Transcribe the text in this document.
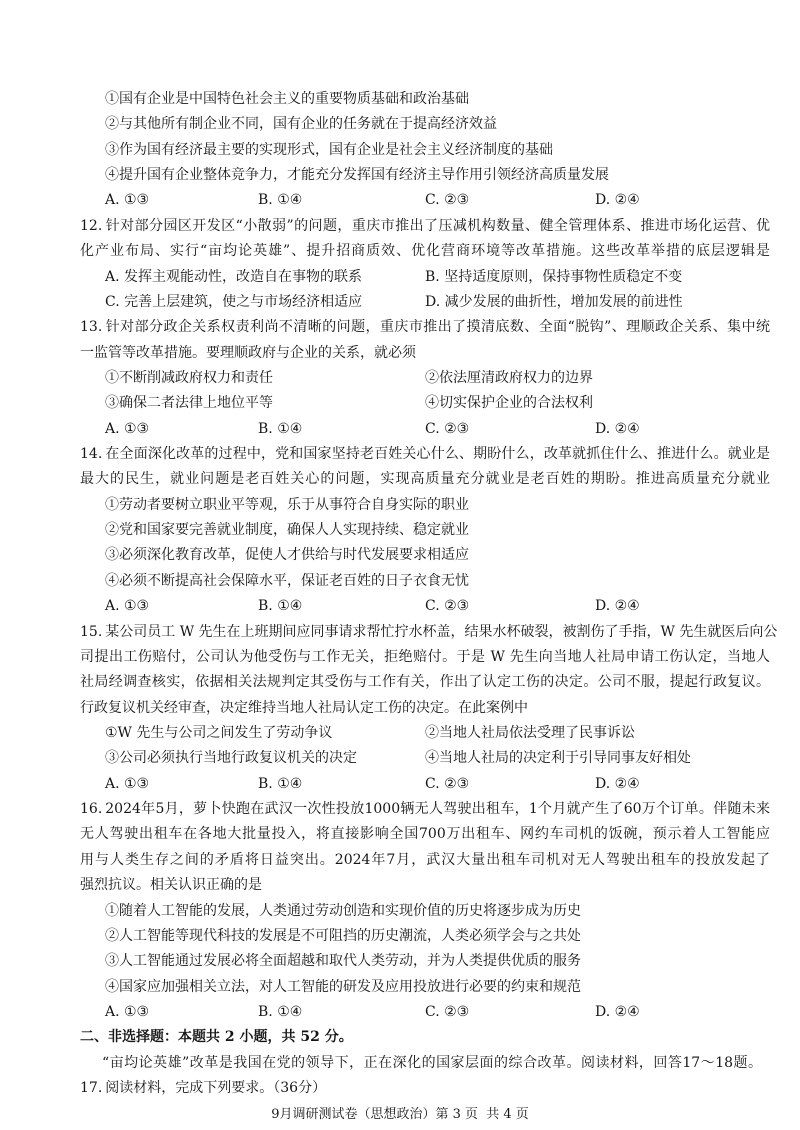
①国有企业是中国特色社会主义的重要物质基础和政治基础
②与其他所有制企业不同，国有企业的任务就在于提高经济效益
③作为国有经济最主要的实现形式，国有企业是社会主义经济制度的基础
④提升国有企业整体竞争力，才能充分发挥国有经济主导作用引领经济高质量发展
A. ①③	B. ①④	C. ②③	D. ②④
12. 针对部分园区开发区“小散弱”的问题，重庆市推出了压减机构数量、健全管理体系、推进市场化运营、优
化产业布局、实行“亩均论英雄”、提升招商质效、优化营商环境等改革措施。这些改革举措的底层逻辑是
A. 发挥主观能动性，改造自在事物的联系	B. 坚持适度原则，保持事物性质稳定不变
C. 完善上层建筑，使之与市场经济相适应	D. 减少发展的曲折性，增加发展的前进性
13. 针对部分政企关系权责利尚不清晰的问题，重庆市推出了摸清底数、全面“脱钩”、理顺政企关系、集中统
一监管等改革措施。要理顺政府与企业的关系，就必须
①不断削减政府权力和责任	②依法厘清政府权力的边界
③确保二者法律上地位平等	④切实保护企业的合法权利
A. ①③	B. ①④	C. ②③	D. ②④
14. 在全面深化改革的过程中，党和国家坚持老百姓关心什么、期盼什么，改革就抓住什么、推进什么。就业是
最大的民生，就业问题是老百姓关心的问题，实现高质量充分就业是老百姓的期盼。推进高质量充分就业
①劳动者要树立职业平等观，乐于从事符合自身实际的职业
②党和国家要完善就业制度，确保人人实现持续、稳定就业
③必须深化教育改革，促使人才供给与时代发展要求相适应
④必须不断提高社会保障水平，保证老百姓的日子衣食无忧
A. ①③	B. ①④	C. ②③	D. ②④
15. 某公司员工 W 先生在上班期间应同事请求帮忙拧水杯盖，结果水杯破裂，被割伤了手指，W 先生就医后向公
司提出工伤赔付，公司认为他受伤与工作无关，拒绝赔付。于是 W 先生向当地人社局申请工伤认定，当地人
社局经调查核实，依据相关法规判定其受伤与工作有关，作出了认定工伤的决定。公司不服，提起行政复议。
行政复议机关经审查，决定维持当地人社局认定工伤的决定。在此案例中
①W 先生与公司之间发生了劳动争议	②当地人社局依法受理了民事诉讼
③公司必须执行当地行政复议机关的决定	④当地人社局的决定利于引导同事友好相处
A. ①③	B. ①④	C. ②③	D. ②④
16. 2024年5月，萝卜快跑在武汉一次性投放1000辆无人驾驶出租车，1个月就产生了60万个订单。伴随未来
无人驾驶出租车在各地大批量投入，将直接影响全国700万出租车、网约车司机的饭碗，预示着人工智能应
用与人类生存之间的矛盾将日益突出。2024年7月，武汉大量出租车司机对无人驾驶出租车的投放发起了
强烈抗议。相关认识正确的是
①随着人工智能的发展，人类通过劳动创造和实现价值的历史将逐步成为历史
②人工智能等现代科技的发展是不可阻挡的历史潮流，人类必须学会与之共处
③人工智能通过发展必将全面超越和取代人类劳动，并为人类提供优质的服务
④国家应加强相关立法，对人工智能的研发及应用投放进行必要的约束和规范
A. ①③	B. ①④	C. ②③	D. ②④
二、非选择题：本题共 2 小题，共 52 分。
“亩均论英雄”改革是我国在党的领导下，正在深化的国家层面的综合改革。阅读材料，回答17～18题。
17. 阅读材料，完成下列要求。（36分）
9月调研测试卷（思想政治）第 3 页  共 4 页
